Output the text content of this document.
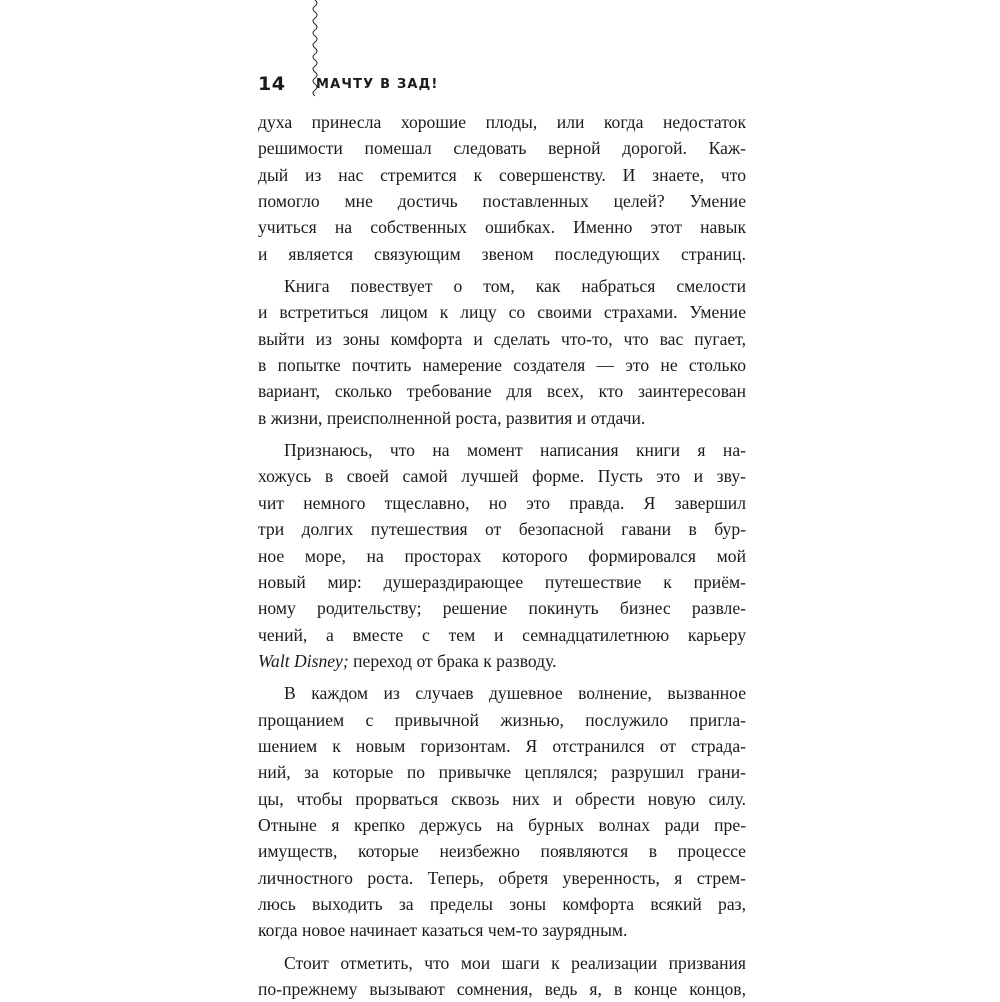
14	МАЧТУ В ЗАД!
духа принесла хорошие плоды, или когда недостаток
решимости помешал следовать верной дорогой. Каж-
дый из нас стремится к совершенству. И знаете, что
помогло мне достичь поставленных целей? Умение
учиться на собственных ошибках. Именно этот навык
и является связующим звеном последующих страниц.
Книга повествует о том, как набраться смелости
и встретиться лицом к лицу со своими страхами. Умение
выйти из зоны комфорта и сделать что-то, что вас пугает,
в попытке почтить намерение создателя — это не столько
вариант, сколько требование для всех, кто заинтересован
в жизни, преисполненной роста, развития и отдачи.
Признаюсь, что на момент написания книги я на-
хожусь в своей самой лучшей форме. Пусть это и зву-
чит немного тщеславно, но это правда. Я завершил
три долгих путешествия от безопасной гавани в бур-
ное море, на просторах которого формировался мой
новый мир: душераздирающее путешествие к приём-
ному родительству; решение покинуть бизнес развле-
чений, а вместе с тем и семнадцатилетнюю карьеру
Walt Disney; переход от брака к разводу.
В каждом из случаев душевное волнение, вызванное
прощанием с привычной жизнью, послужило пригла-
шением к новым горизонтам. Я отстранился от страда-
ний, за которые по привычке цеплялся; разрушил грани-
цы, чтобы прорваться сквозь них и обрести новую силу.
Отныне я крепко держусь на бурных волнах ради пре-
имуществ, которые неизбежно появляются в процессе
личностного роста. Теперь, обретя уверенность, я стрем-
люсь выходить за пределы зоны комфорта всякий раз,
когда новое начинает казаться чем-то заурядным.
Стоит отметить, что мои шаги к реализации призвания
по-прежнему вызывают сомнения, ведь я, в конце концов,
